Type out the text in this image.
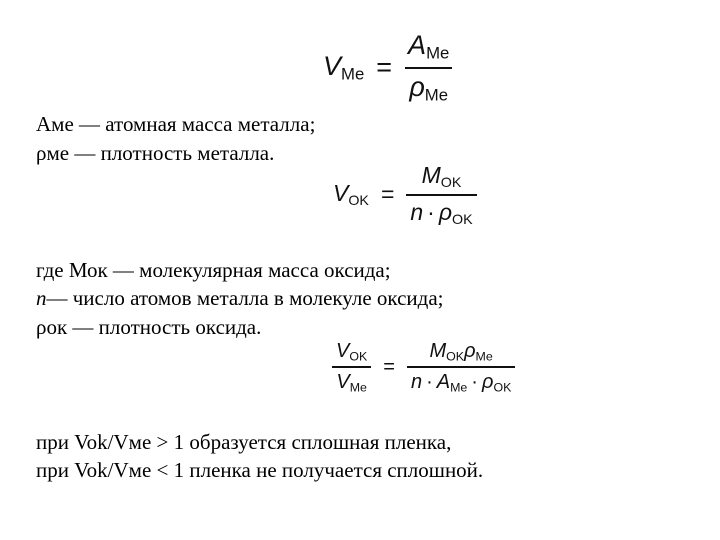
$V_{Me} = \frac{A_{Me}}{\rho_{Me}}$
Аме — атомная масса металла;
ρме — плотность металла.
$V_{OK} = \frac{M_{OK}}{n \cdot \rho_{OK}}$
где Мок — молекулярная масса оксида;
n— число атомов металла в молекуле оксида;
ρок — плотность оксида.
$\frac{V_{OK}}{V_{Me}} = \frac{M_{OK}\rho_{Me}}{n \cdot A_{Me} \cdot \rho_{OK}}$
при Vok/Vме > 1 образуется сплошная пленка,
при Vok/Vме < 1 пленка не получается сплошной.
